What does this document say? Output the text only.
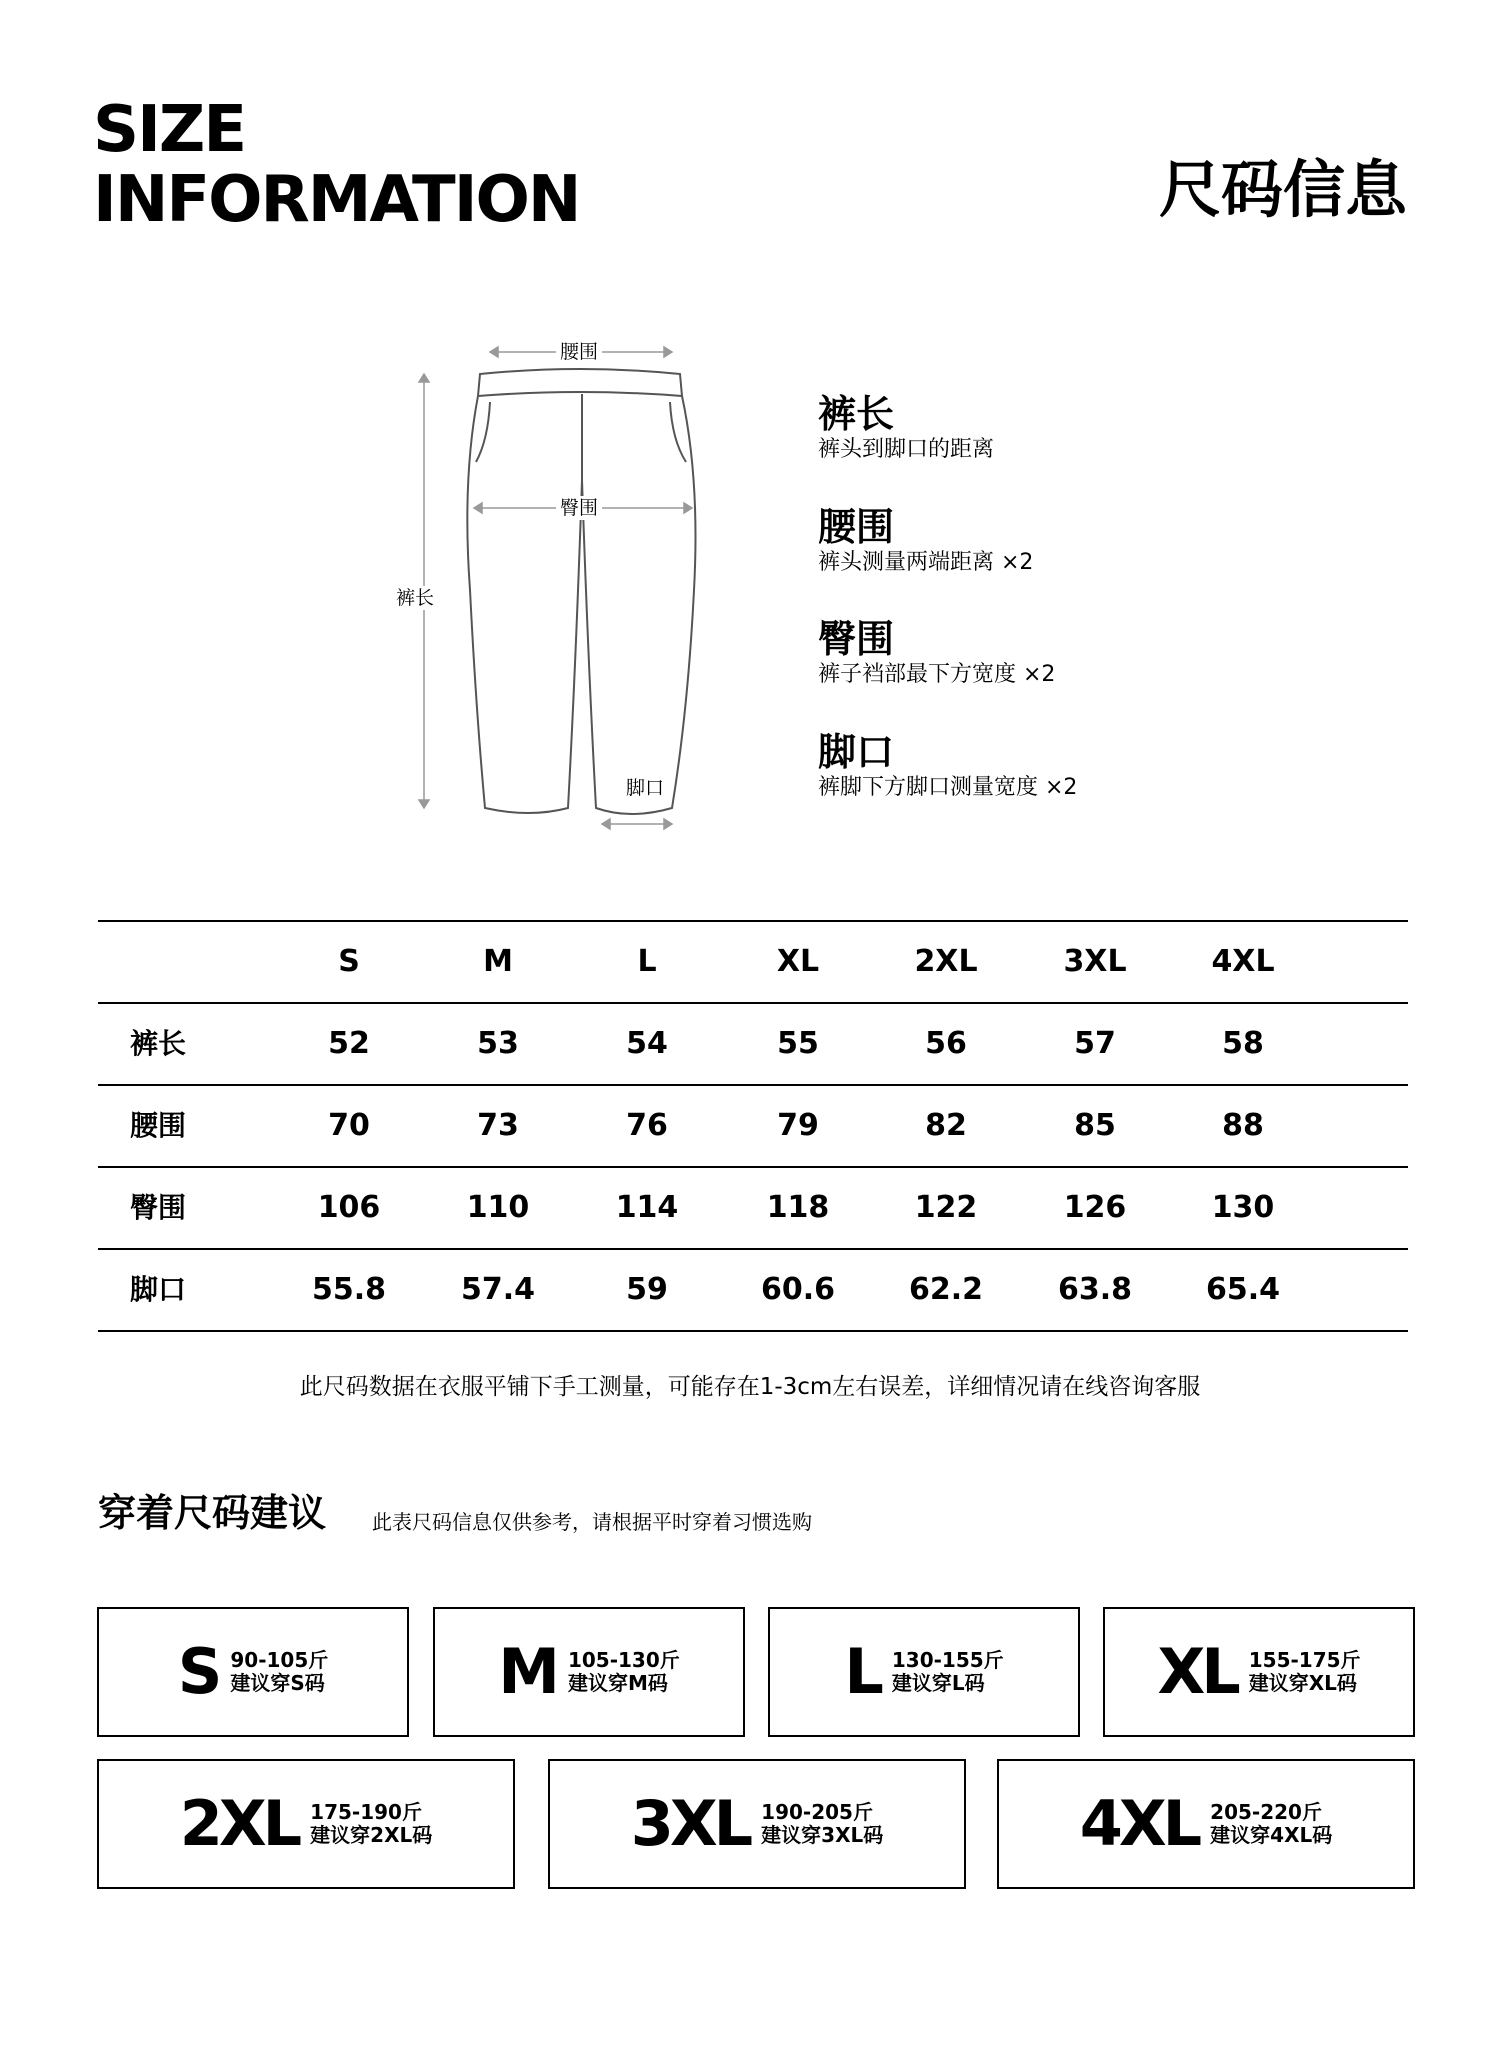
SIZE
INFORMATION	尺码信息
腰围
臀围
裤长
脚口

裤长

裤头到脚口的距离

腰围

裤头测量两端距离 ×2

臀围

裤子裆部最下方宽度 ×2

脚口

裤脚下方脚口测量宽度 ×2

S	M	L	XL	2XL	3XL	4XL
裤长	52	53	54	55	56	57	58
腰围	70	73	76	79	82	85	88
臀围	106	110	114	118	122	126	130
脚口	55.8	57.4	59	60.6	62.2	63.8	65.4
此尺码数据在衣服平铺下手工测量，可能存在1-3cm左右误差，详细情况请在线咨询客服
穿着尺码建议 此表尺码信息仅供参考，请根据平时穿着习惯选购
S 90-105斤
建议穿S码	M 105-130斤
建议穿M码	L 130-155斤
建议穿L码	XL 155-175斤
建议穿XL码
2XL 175-190斤
建议穿2XL码	3XL 190-205斤
建议穿3XL码	4XL 205-220斤
建议穿4XL码
